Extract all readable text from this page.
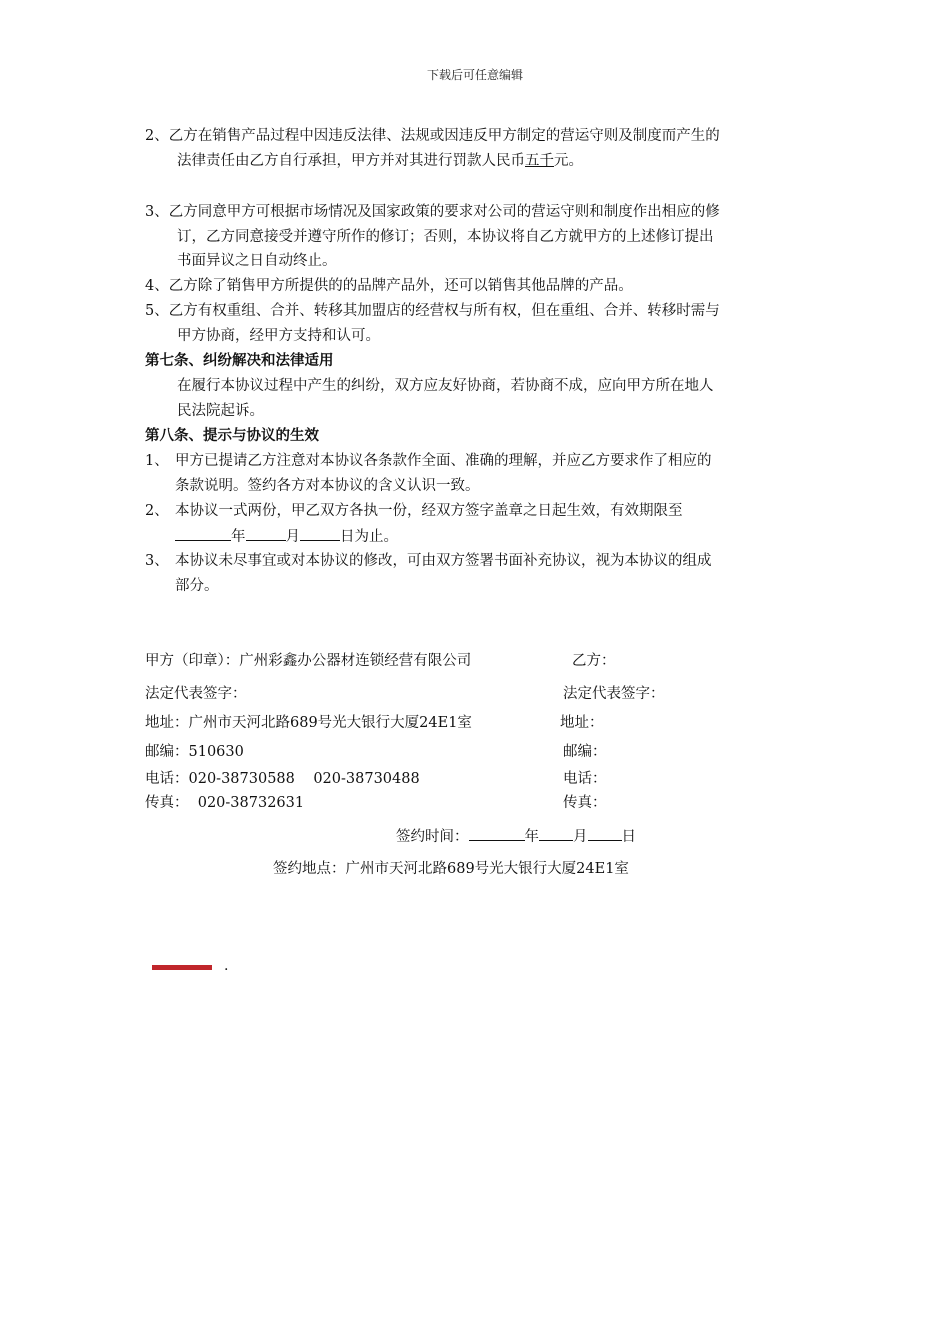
下载后可任意编辑
2、乙方在销售产品过程中因违反法律、法规或因违反甲方制定的营运守则及制度而产生的
法律责任由乙方自行承担，甲方并对其进行罚款人民币五千元。
3、乙方同意甲方可根据市场情况及国家政策的要求对公司的营运守则和制度作出相应的修
订，乙方同意接受并遵守所作的修订；否则，本协议将自乙方就甲方的上述修订提出
书面异议之日自动终止。
4、乙方除了销售甲方所提供的的品牌产品外，还可以销售其他品牌的产品。
5、乙方有权重组、合并、转移其加盟店的经营权与所有权，但在重组、合并、转移时需与
甲方协商，经甲方支持和认可。
第七条、纠纷解决和法律适用
在履行本协议过程中产生的纠纷，双方应友好协商，若协商不成，应向甲方所在地人
民法院起诉。
第八条、提示与协议的生效
1、 甲方已提请乙方注意对本协议各条款作全面、准确的理解，并应乙方要求作了相应的
条款说明。签约各方对本协议的含义认识一致。
2、 本协议一式两份，甲乙双方各执一份，经双方签字盖章之日起生效，有效期限至
年	月	日为止。
3、 本协议未尽事宜或对本协议的修改，可由双方签署书面补充协议，视为本协议的组成
部分。
甲方（印章）：广州彩鑫办公器材连锁经营有限公司	乙方：
法定代表签字：	法定代表签字：
地址：广州市天河北路689号光大银行大厦24E1室	地址：
邮编：510630	邮编：
电话：020-38730588    020-38730488	电话：
传真：  020-38732631	传真：
签约时间：	年 月 日
签约地点：广州市天河北路689号光大银行大厦24E1室
.
